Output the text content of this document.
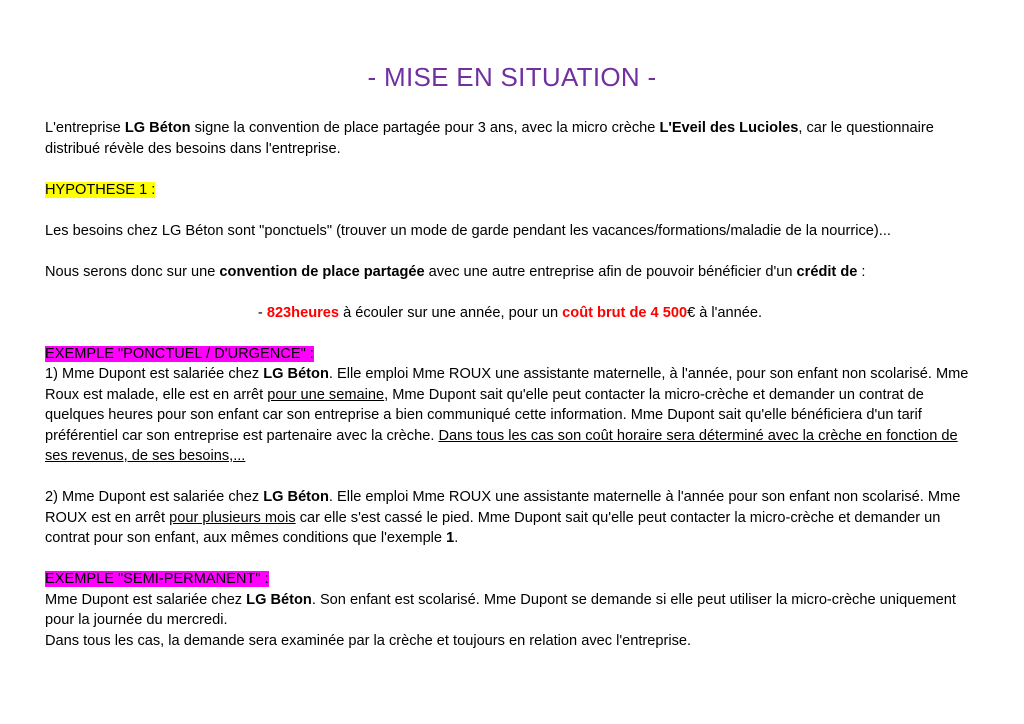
- MISE EN SITUATION -

L'entreprise LG Béton signe la convention de place partagée pour 3 ans, avec la micro crèche L'Eveil des Lucioles, car le questionnaire distribué révèle des besoins dans l'entreprise.

HYPOTHESE 1 :

Les besoins chez LG Béton sont "ponctuels" (trouver un mode de garde pendant les vacances/formations/maladie de la nourrice)...

Nous serons donc sur une convention de place partagée avec une autre entreprise afin de pouvoir bénéficier d'un crédit de :

- 823heures à écouler sur une année, pour un coût brut de 4 500€ à l'année.

EXEMPLE "PONCTUEL / D'URGENCE" :

1) Mme Dupont est salariée chez LG Béton. Elle emploi Mme ROUX une assistante maternelle, à l'année, pour son enfant non scolarisé. Mme Roux est malade, elle est en arrêt pour une semaine, Mme Dupont sait qu'elle peut contacter la micro-crèche et demander un contrat de quelques heures pour son enfant car son entreprise a bien communiqué cette information. Mme Dupont sait qu'elle bénéficiera d'un tarif préférentiel car son entreprise est partenaire avec la crèche. Dans tous les cas son coût horaire sera déterminé avec la crèche en fonction de ses revenus, de ses besoins,...

2) Mme Dupont est salariée chez LG Béton. Elle emploi Mme ROUX une assistante maternelle à l'année pour son enfant non scolarisé. Mme ROUX est en arrêt pour plusieurs mois car elle s'est cassé le pied. Mme Dupont sait qu'elle peut contacter la micro-crèche et demander un contrat pour son enfant, aux mêmes conditions que l'exemple 1.

EXEMPLE "SEMI-PERMANENT" :

Mme Dupont est salariée chez LG Béton. Son enfant est scolarisé. Mme Dupont se demande si elle peut utiliser la micro-crèche uniquement pour la journée du mercredi.

Dans tous les cas, la demande sera examinée par la crèche et toujours en relation avec l'entreprise.
